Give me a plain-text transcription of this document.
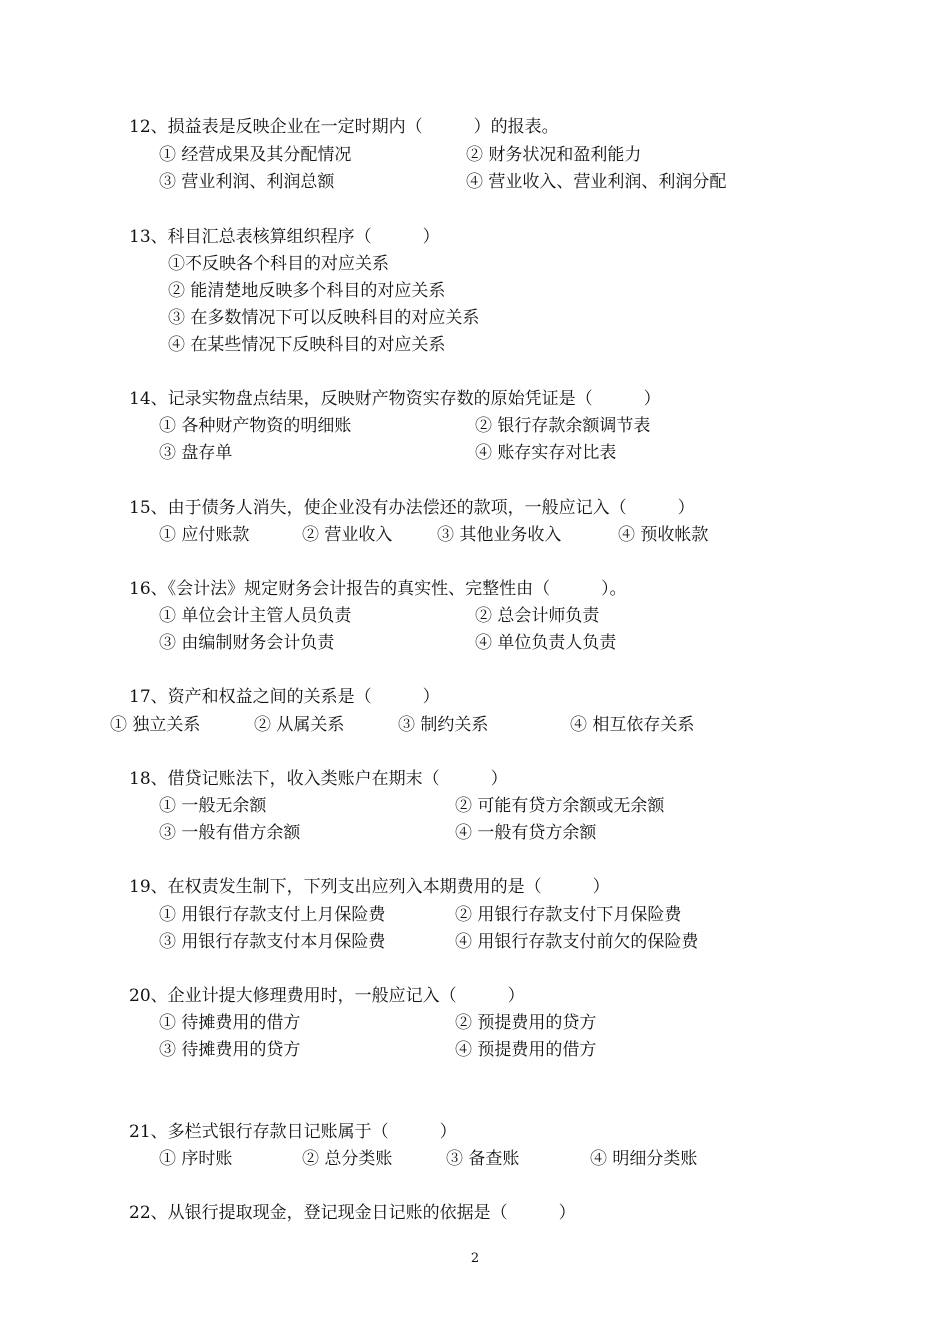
12、损益表是反映企业在一定时期内（　　　）的报表。
① 经营成果及其分配情况	② 财务状况和盈利能力
③ 营业利润、利润总额	④ 营业收入、营业利润、利润分配
13、科目汇总表核算组织程序（　　　）
①不反映各个科目的对应关系
② 能清楚地反映多个科目的对应关系
③ 在多数情况下可以反映科目的对应关系
④ 在某些情况下反映科目的对应关系
14、记录实物盘点结果，反映财产物资实存数的原始凭证是（　　　）
① 各种财产物资的明细账	② 银行存款余额调节表
③ 盘存单	④ 账存实存对比表
15、由于债务人消失，使企业没有办法偿还的款项，一般应记入（　　　）
① 应付账款	② 营业收入	③ 其他业务收入	④ 预收帐款
16、《会计法》规定财务会计报告的真实性、完整性由（　　　）。
① 单位会计主管人员负责	② 总会计师负责
③ 由编制财务会计负责	④ 单位负责人负责
17、资产和权益之间的关系是（　　　）
① 独立关系	② 从属关系	③ 制约关系	④ 相互依存关系
18、借贷记账法下，收入类账户在期末（　　　）
① 一般无余额	② 可能有贷方余额或无余额
③ 一般有借方余额	④ 一般有贷方余额
19、在权责发生制下，下列支出应列入本期费用的是（　　　）
① 用银行存款支付上月保险费	② 用银行存款支付下月保险费
③ 用银行存款支付本月保险费	④ 用银行存款支付前欠的保险费
20、企业计提大修理费用时，一般应记入（　　　）
① 待摊费用的借方	② 预提费用的贷方
③ 待摊费用的贷方	④ 预提费用的借方
21、多栏式银行存款日记账属于（　　　）
① 序时账	② 总分类账	③ 备查账	④ 明细分类账
22、从银行提取现金，登记现金日记账的依据是（　　　）
2
